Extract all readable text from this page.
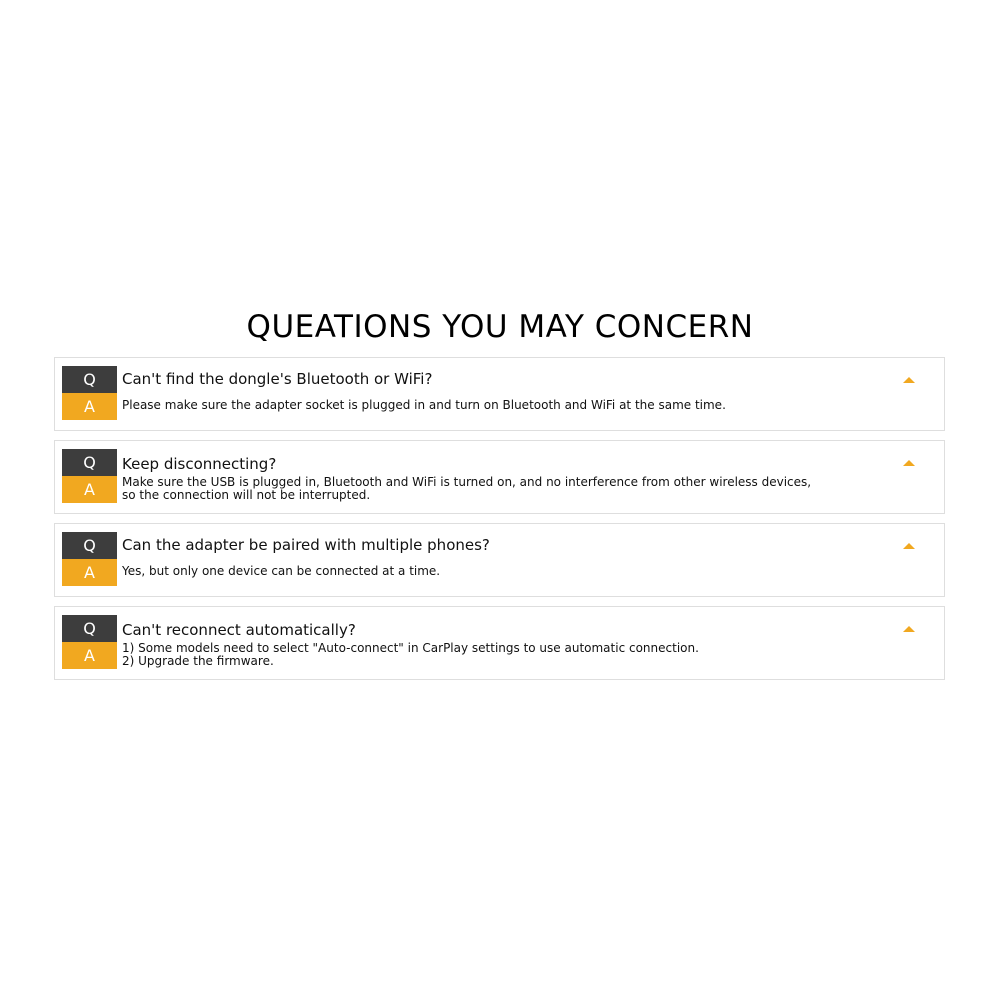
QUEATIONS YOU MAY CONCERN
Q
A
Can't find the dongle's Bluetooth or WiFi?
Please make sure the adapter socket is plugged in and turn on Bluetooth and WiFi at the same time.
Q
A
Keep disconnecting?
Make sure the USB is plugged in, Bluetooth and WiFi is turned on, and no interference from other wireless devices,
so the connection will not be interrupted.
Q
A
Can the adapter be paired with multiple phones?
Yes, but only one device can be connected at a time.
Q
A
Can't reconnect automatically?
1) Some models need to select "Auto-connect" in CarPlay settings to use automatic connection.
2) Upgrade the firmware.
